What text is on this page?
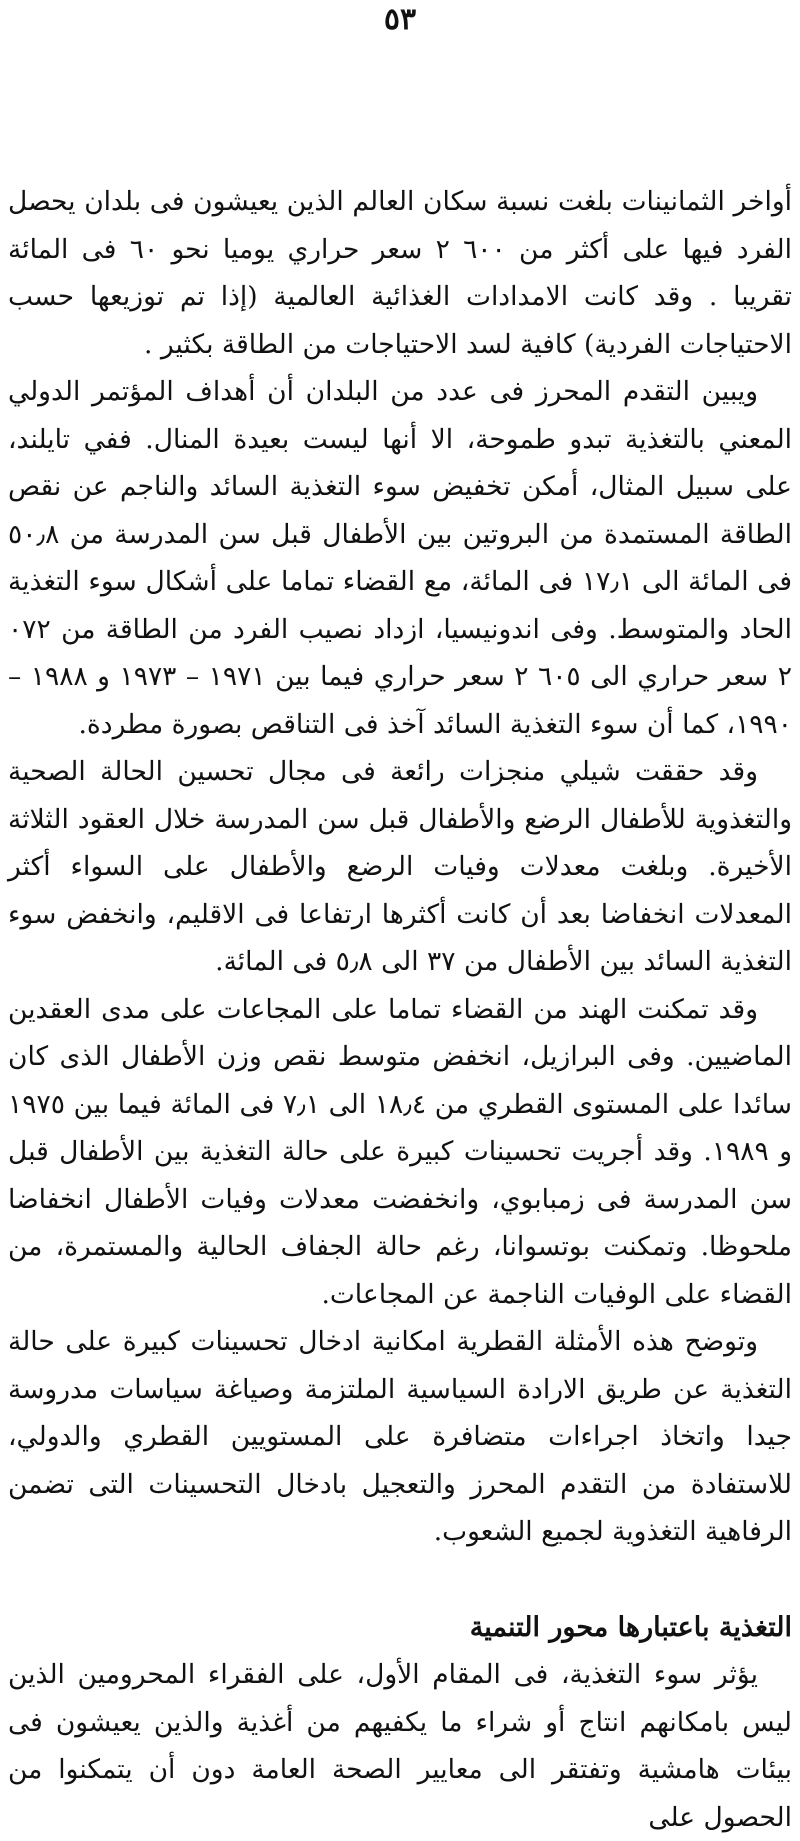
٥٣

أواخر الثمانينات بلغت نسبة سكان العالم الذين يعيشون فى بلدان يحصل الفرد فيها على أكثر من ٦٠٠ ٢ سعر حراري يوميا نحو ٦٠ فى المائة تقريبا . وقد كانت الامدادات الغذائية العالمية (إذا تم توزيعها حسب الاحتياجات الفردية) كافية لسد الاحتياجات من الطاقة بكثير .

ويبين التقدم المحرز فى عدد من البلدان أن أهداف المؤتمر الدولي المعني بالتغذية تبدو طموحة، الا أنها ليست بعيدة المنال. ففي تايلند، على سبيل المثال، أمكن تخفيض سوء التغذية السائد والناجم عن نقص الطاقة المستمدة من البروتين بين الأطفال قبل سن المدرسة من ٥٠٫٨ فى المائة الى ١٧٫١ فى المائة، مع القضاء تماما على أشكال سوء التغذية الحاد والمتوسط. وفى اندونيسيا، ازداد نصيب الفرد من الطاقة من ٠٧٢ ٢ سعر حراري الى ٦٠٥ ٢ سعر حراري فيما بين ١٩٧١ – ١٩٧٣ و ١٩٨٨ – ١٩٩٠، كما أن سوء التغذية السائد آخذ فى التناقص بصورة مطردة.

وقد حققت شيلي منجزات رائعة فى مجال تحسين الحالة الصحية والتغذوية للأطفال الرضع والأطفال قبل سن المدرسة خلال العقود الثلاثة الأخيرة. وبلغت معدلات وفيات الرضع والأطفال على السواء أكثر المعدلات انخفاضا بعد أن كانت أكثرها ارتفاعا فى الاقليم، وانخفض سوء التغذية السائد بين الأطفال من ٣٧ الى ٥٫٨ فى المائة.

وقد تمكنت الهند من القضاء تماما على المجاعات على مدى العقدين الماضيين. وفى البرازيل، انخفض متوسط نقص وزن الأطفال الذى كان سائدا على المستوى القطري من ١٨٫٤ الى ٧٫١ فى المائة فيما بين ١٩٧٥ و ١٩٨٩. وقد أجريت تحسينات كبيرة على حالة التغذية بين الأطفال قبل سن المدرسة فى زمبابوي، وانخفضت معدلات وفيات الأطفال انخفاضا ملحوظا. وتمكنت بوتسوانا، رغم حالة الجفاف الحالية والمستمرة، من القضاء على الوفيات الناجمة عن المجاعات.

وتوضح هذه الأمثلة القطرية امكانية ادخال تحسينات كبيرة على حالة التغذية عن طريق الارادة السياسية الملتزمة وصياغة سياسات مدروسة جيدا واتخاذ اجراءات متضافرة على المستويين القطري والدولي، للاستفادة من التقدم المحرز والتعجيل بادخال التحسينات التى تضمن الرفاهية التغذوية لجميع الشعوب.

التغذية باعتبارها محور التنمية

يؤثر سوء التغذية، فى المقام الأول، على الفقراء المحرومين الذين ليس بامكانهم انتاج أو شراء ما يكفيهم من أغذية والذين يعيشون فى بيئات هامشية وتفتقر الى معايير الصحة العامة دون أن يتمكنوا من الحصول على
